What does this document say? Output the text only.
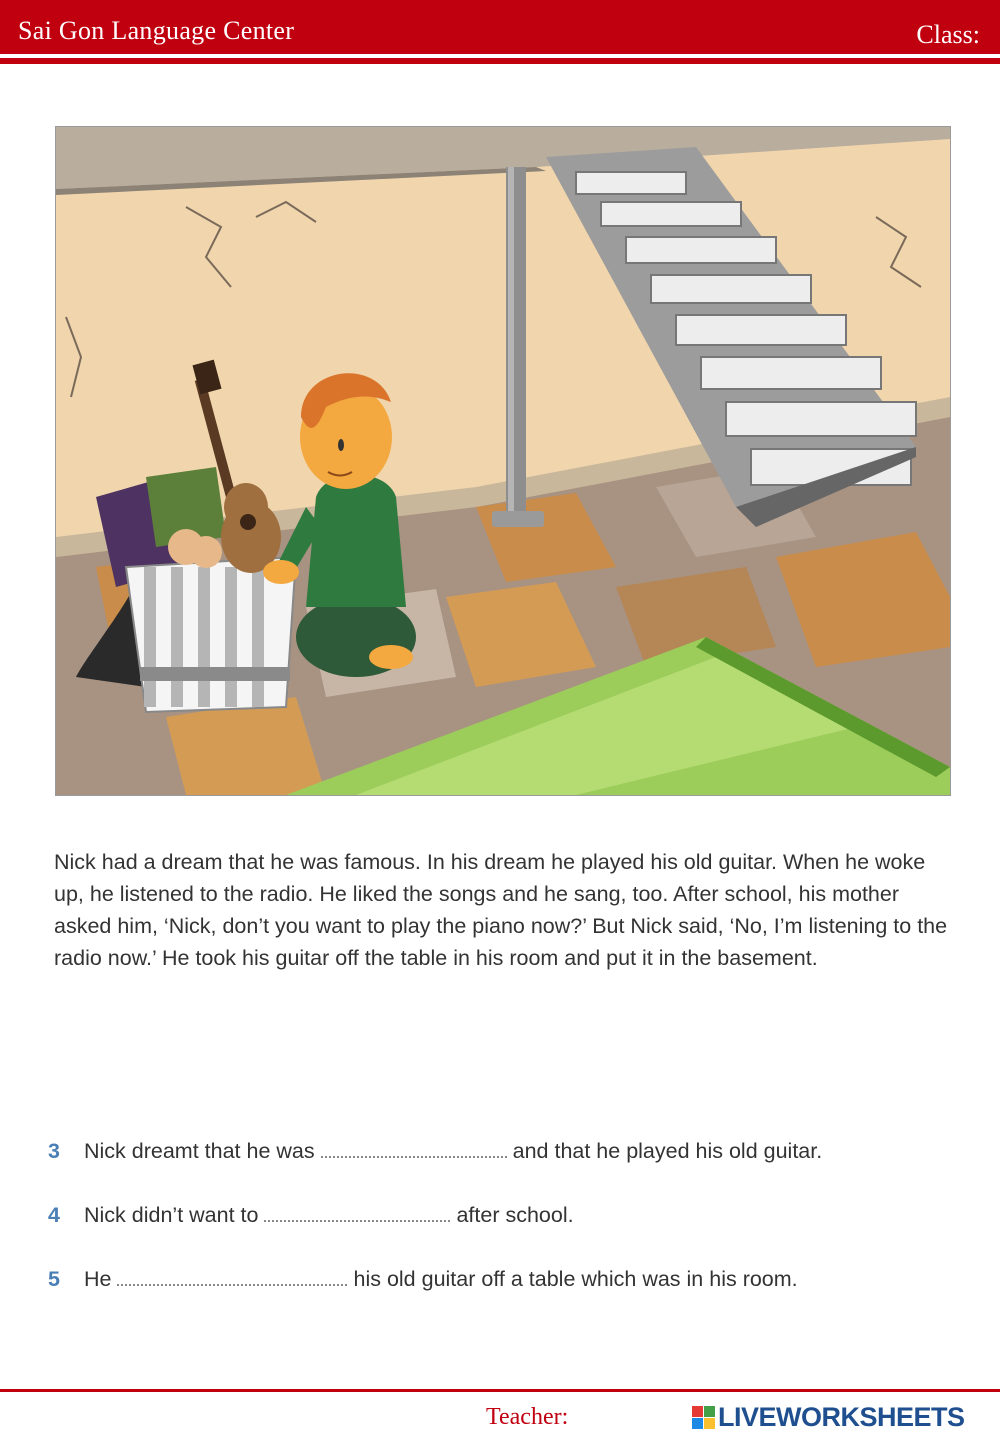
Sai Gon Language Center	Class:
Nick had a dream that he was famous. In his dream he played his old guitar. When he woke up, he listened to the radio. He liked the songs and he sang, too. After school, his mother asked him, ‘Nick, don’t you want to play the piano now?’ But Nick said, ‘No, I’m listening to the radio now.’ He took his guitar off the table in his room and put it in the basement.
3 Nick dreamt that he was	and that he played his old guitar.
4 Nick didn’t want to	after school.
5 He	his old guitar off a table which was in his room.
Teacher:	LIVEWORKSHEETS
